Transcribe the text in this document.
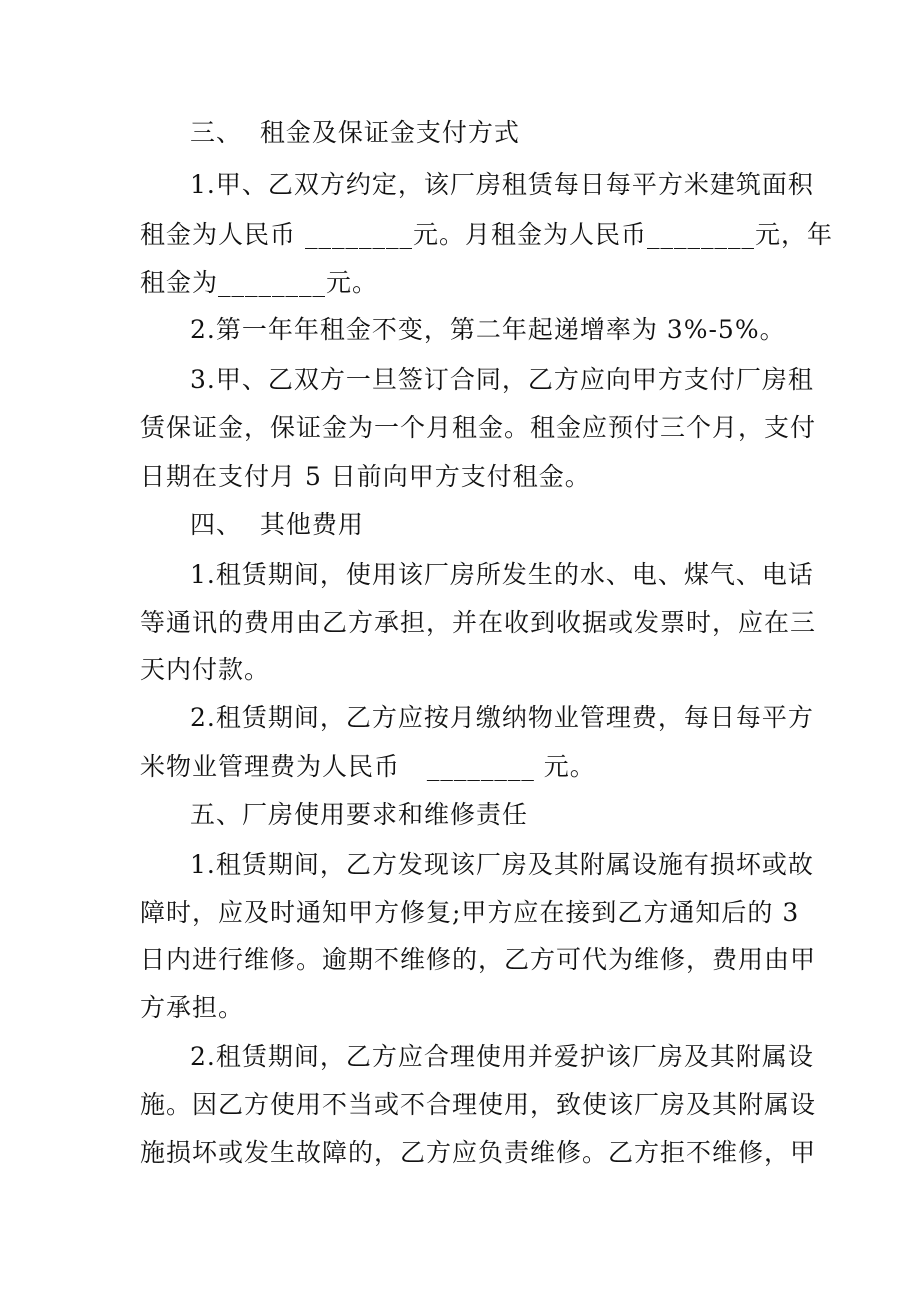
三、  租金及保证金支付方式
1.甲、乙双方约定，该厂房租赁每日每平方米建筑面积
租金为人民币 ________元。月租金为人民币________元，年
租金为________元。
2.第一年年租金不变，第二年起递增率为 3%-5%。
3.甲、乙双方一旦签订合同，乙方应向甲方支付厂房租
赁保证金，保证金为一个月租金。租金应预付三个月，支付
日期在支付月 5 日前向甲方支付租金。
四、  其他费用
1.租赁期间，使用该厂房所发生的水、电、煤气、电话
等通讯的费用由乙方承担，并在收到收据或发票时，应在三
天内付款。
2.租赁期间，乙方应按月缴纳物业管理费，每日每平方
米物业管理费为人民币   ________ 元。
五、厂房使用要求和维修责任
1.租赁期间，乙方发现该厂房及其附属设施有损坏或故
障时，应及时通知甲方修复;甲方应在接到乙方通知后的 3
日内进行维修。逾期不维修的，乙方可代为维修，费用由甲
方承担。
2.租赁期间，乙方应合理使用并爱护该厂房及其附属设
施。因乙方使用不当或不合理使用，致使该厂房及其附属设
施损坏或发生故障的，乙方应负责维修。乙方拒不维修，甲
